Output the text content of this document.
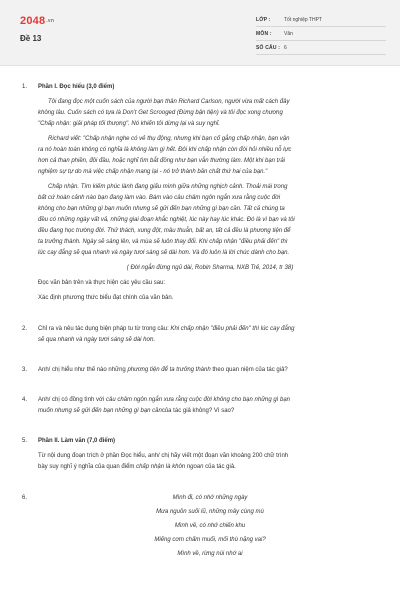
2048.vn
Đề 13
LỚP :	Tốt nghiệp THPT
MÔN :	Văn
SỐ CÂU : 6
1. Phần I. Đọc hiểu (3,0 điểm)
Tôi đang đọc một cuốn sách của người bạn thân Richard Carlson, người vừa mất cách đây
không lâu. Cuốn sách có tựa là Don’t Get Scrooged (Đừng bận tiện) và tôi đọc xong chương
"Chấp nhận: giải pháp tối thượng". Nó khiến tôi dừng lại và suy nghĩ.
Richard viết: "Chấp nhận nghe có vẻ thụ động, nhưng khi bạn cố gắng chấp nhận, bạn vận
ra nó hoàn toàn không có nghĩa là không làm gì hết. Đôi khi chấp nhận còn đòi hỏi nhiều nỗ lực
hơn cả than phiền, đôi đầu, hoặc nghĩ tìm bắt đồng như bạn vẫn thường làm. Một khi bạn trải
nghiệm sự tự do mà việc chấp nhận mang lại - nó trở thành bản chất thứ hai của bạn."
Chấp nhận. Tìm kiếm phúc lành đang giấu mình giữa những nghịch cảnh. Thoải mái trong
bất cứ hoàn cảnh nào bạn đang làm vào. Bám vào câu châm ngôn ngắn xưa rằng cuộc đời
không cho bạn những gì bạn muốn nhưng sẽ gửi đến bạn những gì bạn cần. Tất cả chúng ta
đều có những ngày vất vả, những giai đoạn khắc nghiệt, lúc này hay lúc khác. Đó là vì bạn và tôi
đều đang học trường đời. Thử thách, xung đột, mâu thuẫn, bất an, tất cả đều là phương tiện để
ta trưởng thành. Ngày sẽ sáng lên, và mùa sẽ luôn thay đổi. Khi chấp nhận "điều phải đến" thì
lúc cay đắng sẽ qua nhanh và ngày tươi sáng sẽ dài hơn. Và đó luôn là lời chúc dành cho bạn.
( Đời ngắn đừng ngủ dài, Robin Sharma, NXB Trẻ, 2014, tr 38)
Đọc văn bản trên và thực hiện các yêu cầu sau:
Xác định phương thức biểu đạt chính của văn bản.
2. Chỉ ra và nêu tác dụng biện pháp tu từ trong câu: Khi chấp nhận "điều phải đến" thì lúc cay đắng
sẽ qua nhanh và ngày tươi sáng sẽ dài hơn.
3. Anh/ chị hiểu như thế nào những phương tiện để ta trưởng thành theo quan niệm của tác giả?
4. Anh/ chị có đồng tình với câu châm ngôn ngắn xưa rằng cuộc đời không cho bạn những gì bạn
muốn nhưng sẽ gửi đến bạn những gì bạn cầncủa tác giả không? Vì sao?
5. Phần II. Làm văn (7,0 điểm)
Từ nội dung đoạn trích ở phần Đọc hiểu, anh/ chị hãy viết một đoạn văn khoảng 200 chữ trình
bày suy nghĩ ý nghĩa của quan điểm chấp nhận là khôn ngoan của tác giả.
6.	Mình đi, có nhớ những ngày
Mưa nguồn suối lũ, những mây cùng mù
Mình về, có nhớ chiến khu
Miếng cơm chấm muối, mối thù nặng vai?
Mình về, rừng núi nhớ ai
